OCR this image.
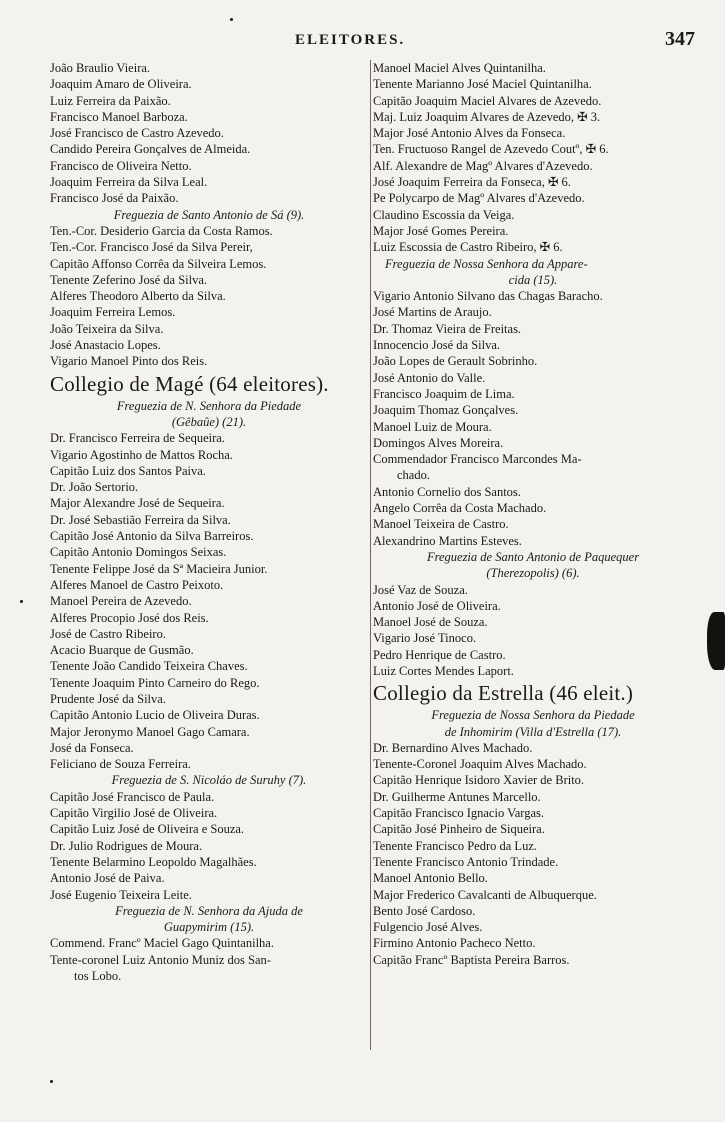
ELEITORES.	347
João Braulio Vieira.
Joaquim Amaro de Oliveira.
Luiz Ferreira da Paixão.
Francisco Manoel Barboza.
José Francisco de Castro Azevedo.
Candido Pereira Gonçalves de Almeida.
Francisco de Oliveira Netto.
Joaquim Ferreira da Silva Leal.
Francisco José da Paixão.
Freguezia de Santo Antonio de Sá (9).
Ten.-Cor. Desiderio Garcia da Costa Ramos.
Ten.-Cor. Francisco José da Silva Pereir,
Capitão Affonso Corrêa da Silveira Lemos.
Tenente Zeferino José da Silva.
Alferes Theodoro Alberto da Silva.
Joaquim Ferreira Lemos.
João Teixeira da Silva.
José Anastacio Lopes.
Vigario Manoel Pinto dos Reis.
Collegio de Magé (64 eleitores).
Freguezia de N. Senhora da Piedade
(Gêbaûe) (21).
Dr. Francisco Ferreira de Sequeira.
Vigario Agostinho de Mattos Rocha.
Capitão Luiz dos Santos Paiva.
Dr. João Sertorio.
Major Alexandre José de Sequeira.
Dr. José Sebastião Ferreira da Silva.
Capitão José Antonio da Silva Barreiros.
Capitão Antonio Domingos Seixas.
Tenente Felippe José da Sª Macieira Junior.
Alferes Manoel de Castro Peixoto.
Manoel Pereira de Azevedo.
Alferes Procopio José dos Reis.
José de Castro Ribeiro.
Acacio Buarque de Gusmão.
Tenente João Candido Teixeira Chaves.
Tenente Joaquim Pinto Carneiro do Rego.
Prudente José da Silva.
Capitão Antonio Lucio de Oliveira Duras.
Major Jeronymo Manoel Gago Camara.
José da Fonseca.
Feliciano de Souza Ferreira.
Freguezia de S. Nicoláo de Suruhy (7).
Capitão José Francisco de Paula.
Capitão Virgilio José de Oliveira.
Capitão Luiz José de Oliveira e Souza.
Dr. Julio Rodrigues de Moura.
Tenente Belarmino Leopoldo Magalhães.
Antonio José de Paiva.
José Eugenio Teixeira Leite.
Freguezia de N. Senhora da Ajuda de
Guapymirim (15).
Commend. Francº Maciel Gago Quintanilha.
Tente-coronel Luiz Antonio Muniz dos San-
tos Lobo.
Manoel Maciel Alves Quintanilha.
Tenente Marianno José Maciel Quintanilha.
Capitão Joaquim Maciel Alvares de Azevedo.
Maj. Luiz Joaquim Alvares de Azevedo, ✠ 3.
Major José Antonio Alves da Fonseca.
Ten. Fructuoso Rangel de Azevedo Coutº, ✠ 6.
Alf. Alexandre de Magº Alvares d'Azevedo.
José Joaquim Ferreira da Fonseca, ✠ 6.
Pe Polycarpo de Magº Alvares d'Azevedo.
Claudino Escossia da Veiga.
Major José Gomes Pereira.
Luiz Escossia de Castro Ribeiro, ✠ 6.
Freguezia de Nossa Senhora da Appare-
cida (15).
Vigario Antonio Silvano das Chagas Baracho.
José Martins de Araujo.
Dr. Thomaz Vieira de Freitas.
Innocencio José da Silva.
João Lopes de Gerault Sobrinho.
José Antonio do Valle.
Francisco Joaquim de Lima.
Joaquim Thomaz Gonçalves.
Manoel Luiz de Moura.
Domingos Alves Moreira.
Commendador Francisco Marcondes Ma-
chado.
Antonio Cornelio dos Santos.
Angelo Corrêa da Costa Machado.
Manoel Teixeira de Castro.
Alexandrino Martins Esteves.
Freguezia de Santo Antonio de Paquequer
(Therezopolis) (6).
José Vaz de Souza.
Antonio José de Oliveira.
Manoel José de Souza.
Vigario José Tinoco.
Pedro Henrique de Castro.
Luiz Cortes Mendes Laport.
Collegio da Estrella (46 eleit.)
Freguezia de Nossa Senhora da Piedade
de Inhomirim (Villa d'Estrella (17).
Dr. Bernardino Alves Machado.
Tenente-Coronel Joaquim Alves Machado.
Capitão Henrique Isidoro Xavier de Brito.
Dr. Guilherme Antunes Marcello.
Capitão Francisco Ignacio Vargas.
Capitão José Pinheiro de Siqueira.
Tenente Francisco Pedro da Luz.
Tenente Francisco Antonio Trindade.
Manoel Antonio Bello.
Major Frederico Cavalcanti de Albuquerque.
Bento José Cardoso.
Fulgencio José Alves.
Firmino Antonio Pacheco Netto.
Capitão Francº Baptista Pereira Barros.
